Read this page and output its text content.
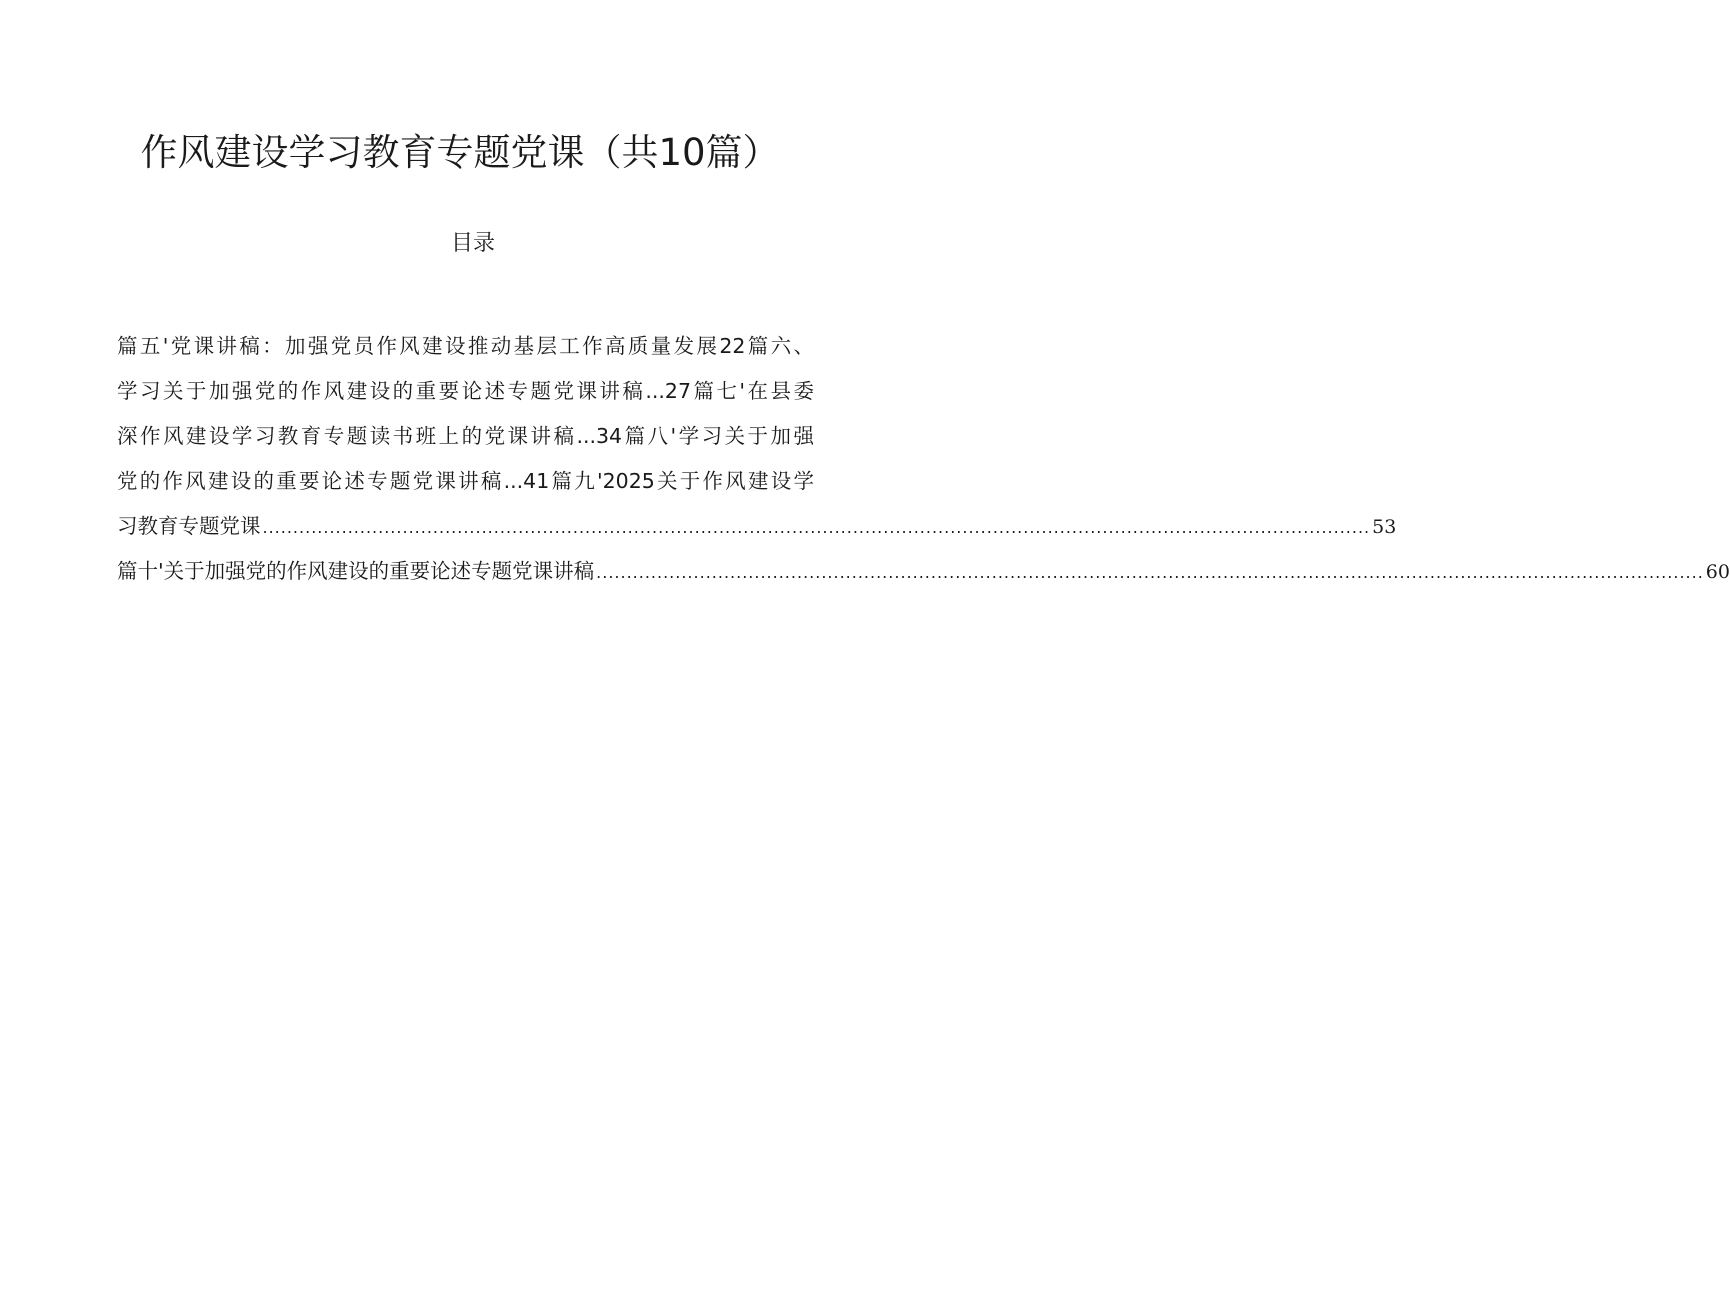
作风建设学习教育专题党课（共10篇）
目录
篇五'党课讲稿：加强党员作风建设推动基层工作高质量发展22篇六、
学习关于加强党的作风建设的重要论述专题党课讲稿...27篇七'在县委
深作风建设学习教育专题读书班上的党课讲稿...34篇八'学习关于加强
党的作风建设的重要论述专题党课讲稿...41篇九'2025关于作风建设学
习教育专题党课 ...................................................................................................................................................................................... 53
篇十'关于加强党的作风建设的重要论述专题党课讲稿 ...................................................................................................................................................................................... 60
